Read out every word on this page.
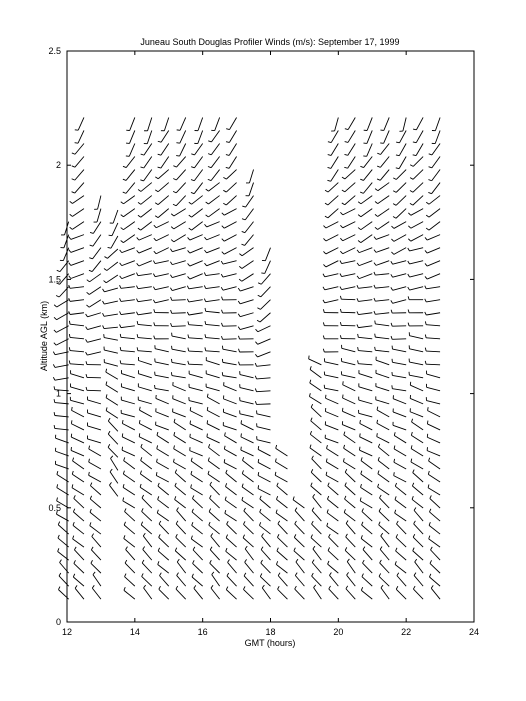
Juneau South Douglas Profiler Winds (m/s): September 17, 1999
12	14	16	18	20	22	24
0
0.5
1
1.5
2
2.5
GMT (hours)
Altitude AGL (km)
